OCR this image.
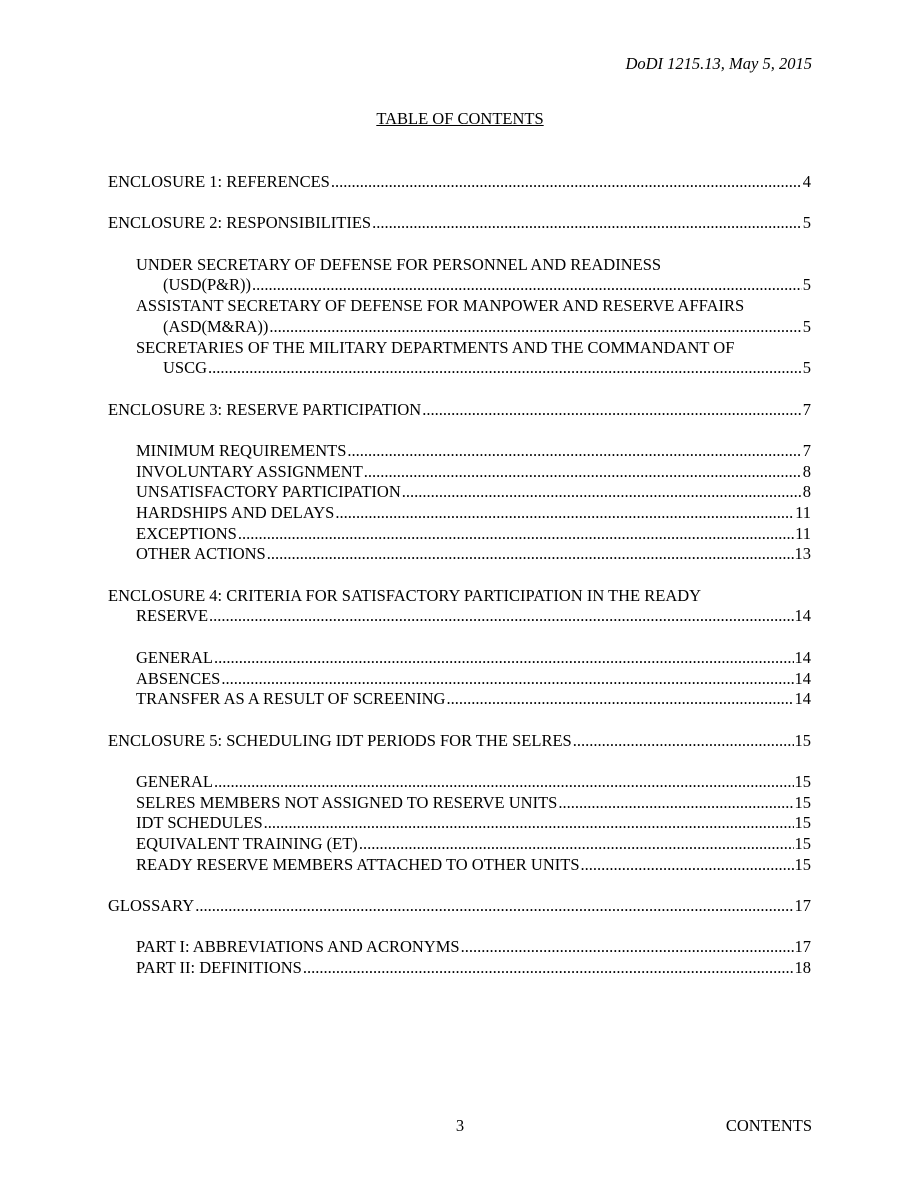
DoDI 1215.13, May 5, 2015
TABLE OF CONTENTS
ENCLOSURE 1: REFERENCES .....	4
ENCLOSURE 2: RESPONSIBILITIES .....	5
UNDER SECRETARY OF DEFENSE FOR PERSONNEL AND READINESS
(USD(P&R)) .....	5
ASSISTANT SECRETARY OF DEFENSE FOR MANPOWER AND RESERVE AFFAIRS
(ASD(M&RA)) .....	5
SECRETARIES OF THE MILITARY DEPARTMENTS AND THE COMMANDANT OF
USCG .....	5
ENCLOSURE 3: RESERVE PARTICIPATION .....	7
MINIMUM REQUIREMENTS .....	7
INVOLUNTARY ASSIGNMENT .....	8
UNSATISFACTORY PARTICIPATION .....	8
HARDSHIPS AND DELAYS .....	11
EXCEPTIONS .....	11
OTHER ACTIONS .....	13
ENCLOSURE 4: CRITERIA FOR SATISFACTORY PARTICIPATION IN THE READY
RESERVE .....	14
GENERAL .....	14
ABSENCES .....	14
TRANSFER AS A RESULT OF SCREENING .....	14
ENCLOSURE 5: SCHEDULING IDT PERIODS FOR THE SELRES .....	15
GENERAL .....	15
SELRES MEMBERS NOT ASSIGNED TO RESERVE UNITS .....	15
IDT SCHEDULES .....	15
EQUIVALENT TRAINING (ET) .....	15
READY RESERVE MEMBERS ATTACHED TO OTHER UNITS .....	15
GLOSSARY .....	17
PART I: ABBREVIATIONS AND ACRONYMS .....	17
PART II: DEFINITIONS .....	18
3	CONTENTS
